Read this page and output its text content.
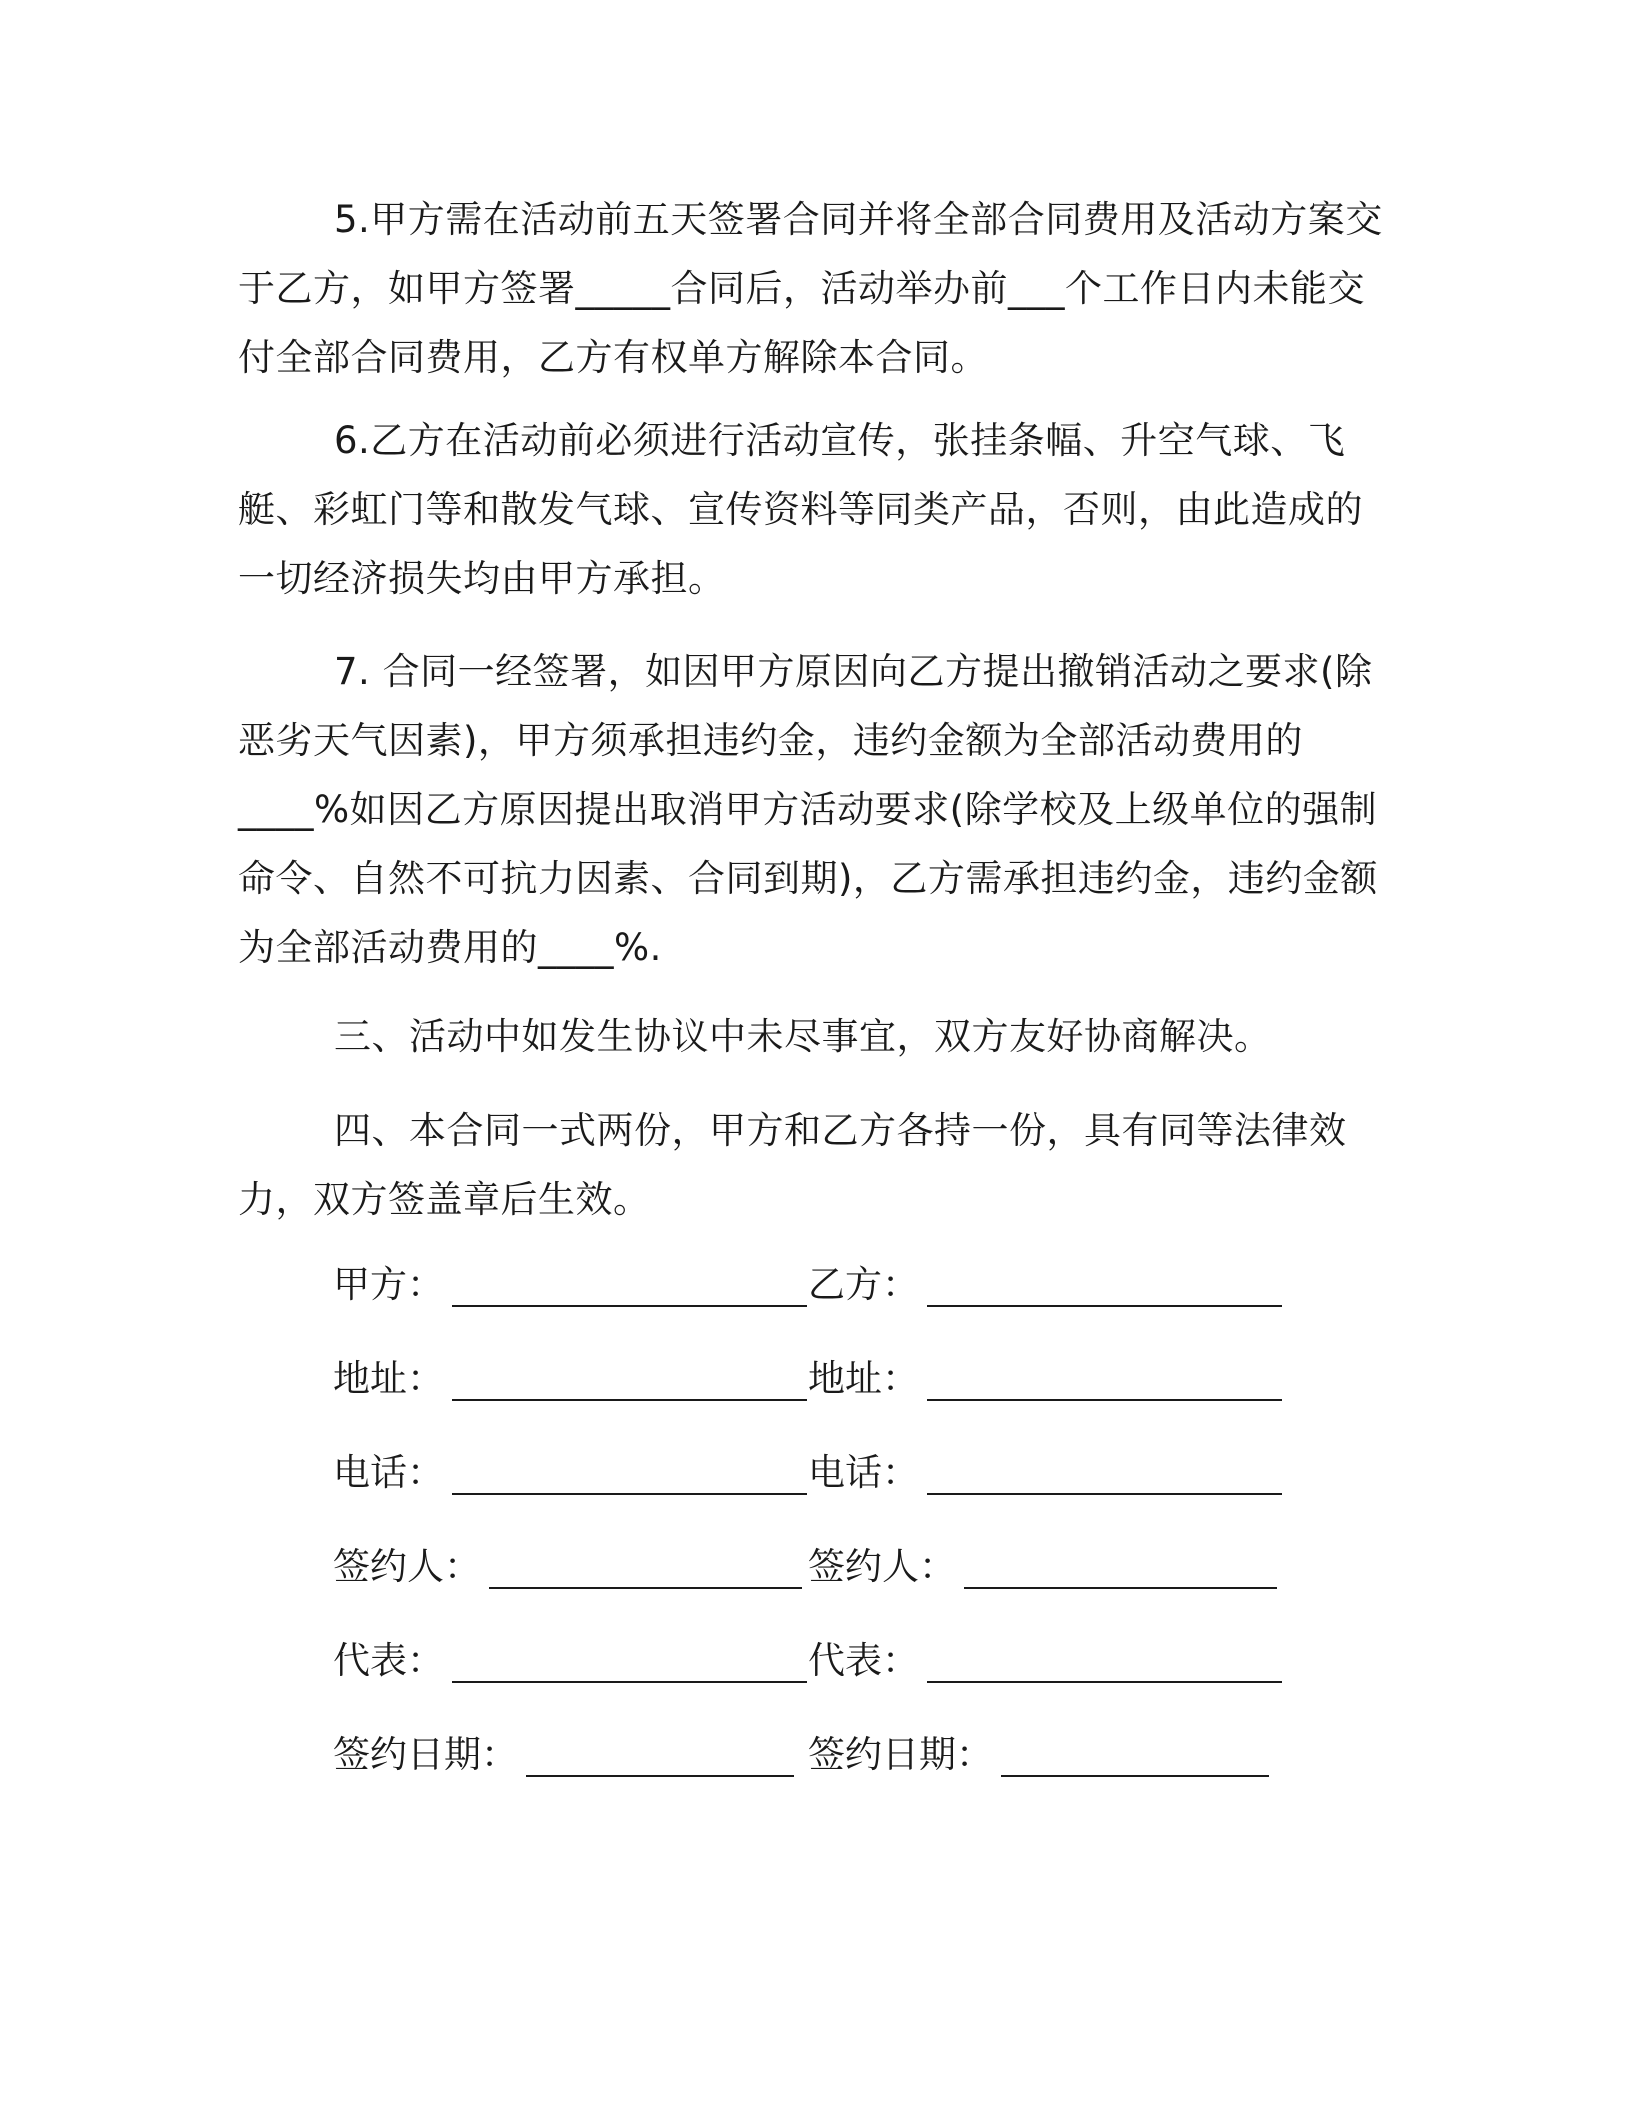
5.甲方需在活动前五天签署合同并将全部合同费用及活动方案交于乙方，如甲方签署_____合同后，活动举办前___个工作日内未能交付全部合同费用，乙方有权单方解除本合同。

6.乙方在活动前必须进行活动宣传，张挂条幅、升空气球、飞艇、彩虹门等和散发气球、宣传资料等同类产品，否则，由此造成的一切经济损失均由甲方承担。

7. 合同一经签署，如因甲方原因向乙方提出撤销活动之要求(除恶劣天气因素)，甲方须承担违约金，违约金额为全部活动费用的 ____%如因乙方原因提出取消甲方活动要求(除学校及上级单位的强制命令、自然不可抗力因素、合同到期)，乙方需承担违约金，违约金额为全部活动费用的____%.

三、活动中如发生协议中未尽事宜，双方友好协商解决。

四、本合同一式两份，甲方和乙方各持一份，具有同等法律效力，双方签盖章后生效。

甲方：	乙方：
地址：	地址：
电话：	电话：
签约人：	签约人：
代表：	代表：
签约日期：	签约日期：
